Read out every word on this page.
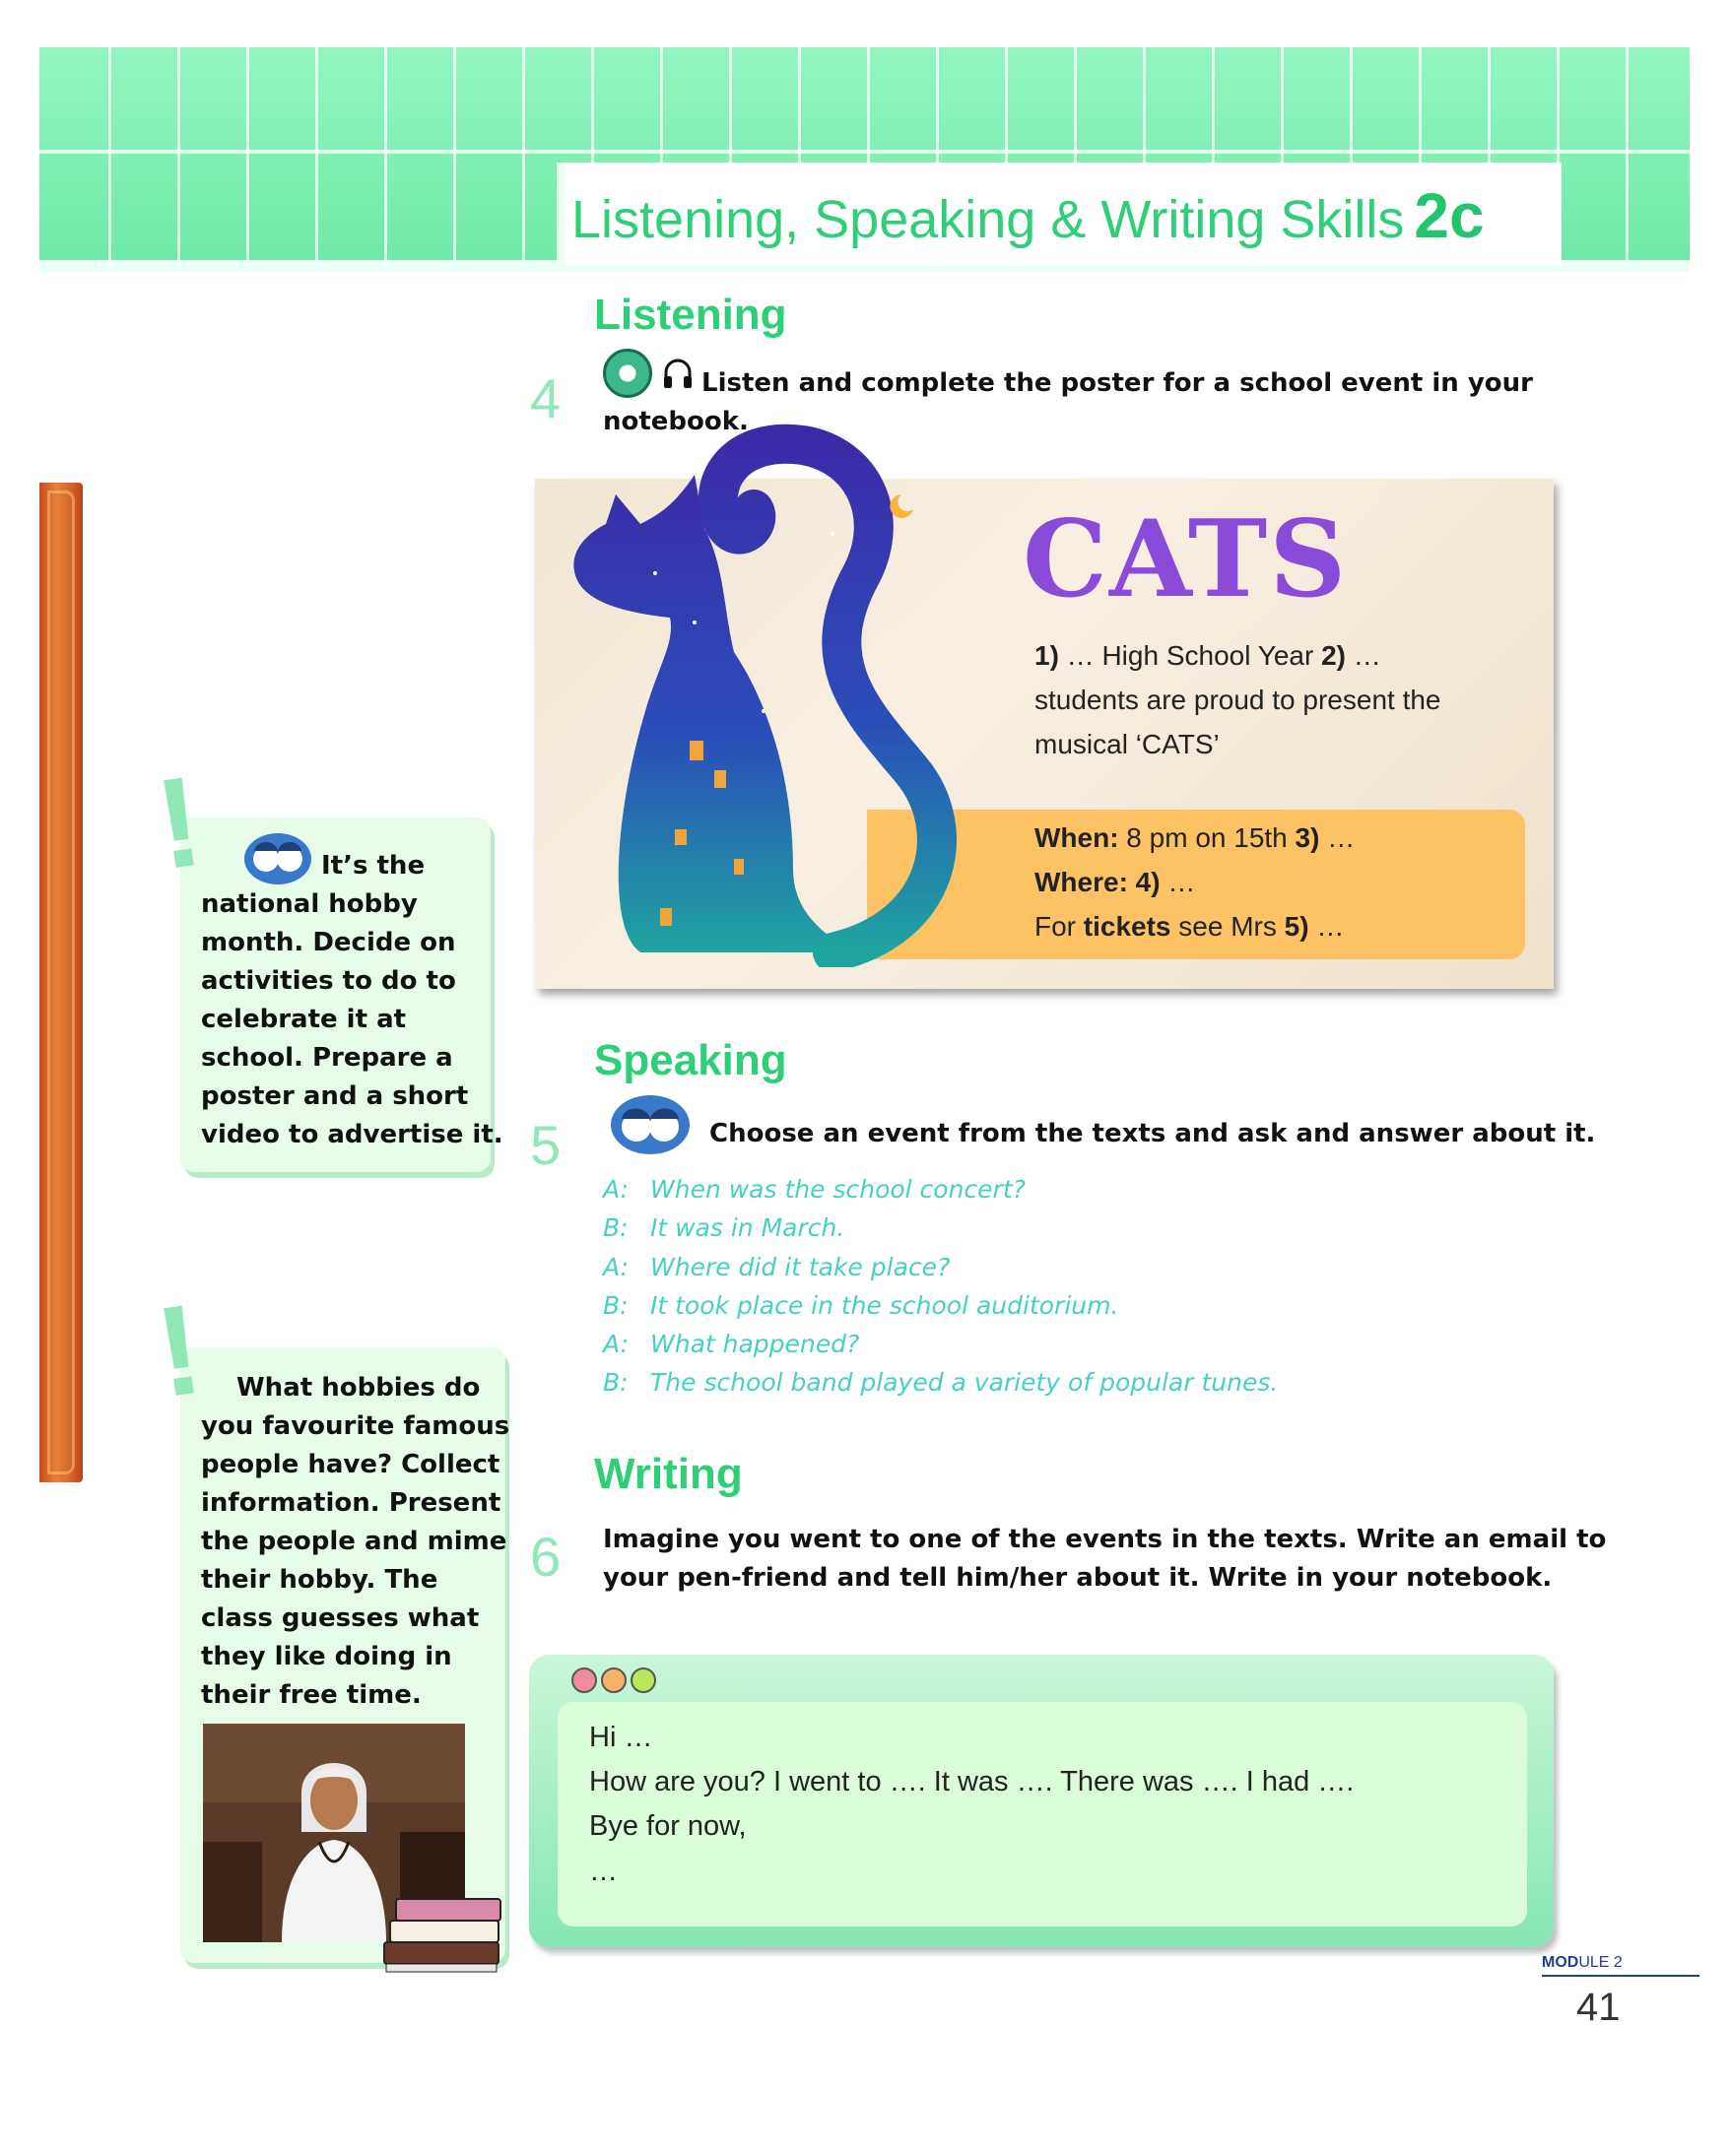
Listening, Speaking & Writing Skills 2c
Listening
4	Listen and complete the poster for a school event in your
notebook.
CATS
1) … High School Year 2) …
students are proud to present the
musical ‘CATS’
When: 8 pm on 15th 3) …
Where: 4) …
For tickets see Mrs 5) …
!	It’s the
national hobby
month. Decide on
activities to do to
celebrate it at
school. Prepare a
poster and a short
video to advertise it.
Speaking
5	Choose an event from the texts and ask and answer about it.
A: When was the school concert?
B: It was in March.
A: Where did it take place?
B: It took place in the school auditorium.
A: What happened?
B: The school band played a variety of popular tunes.
!	What hobbies do
you favourite famous
people have? Collect
information. Present
the people and mime
their hobby. The
class guesses what
they like doing in
their free time.
Writing
6 Imagine you went to one of the events in the texts. Write an email to
your pen-friend and tell him/her about it. Write in your notebook.
Hi …
How are you? I went to …. It was …. There was …. I had ….
Bye for now,
…
MODULE 2
41
